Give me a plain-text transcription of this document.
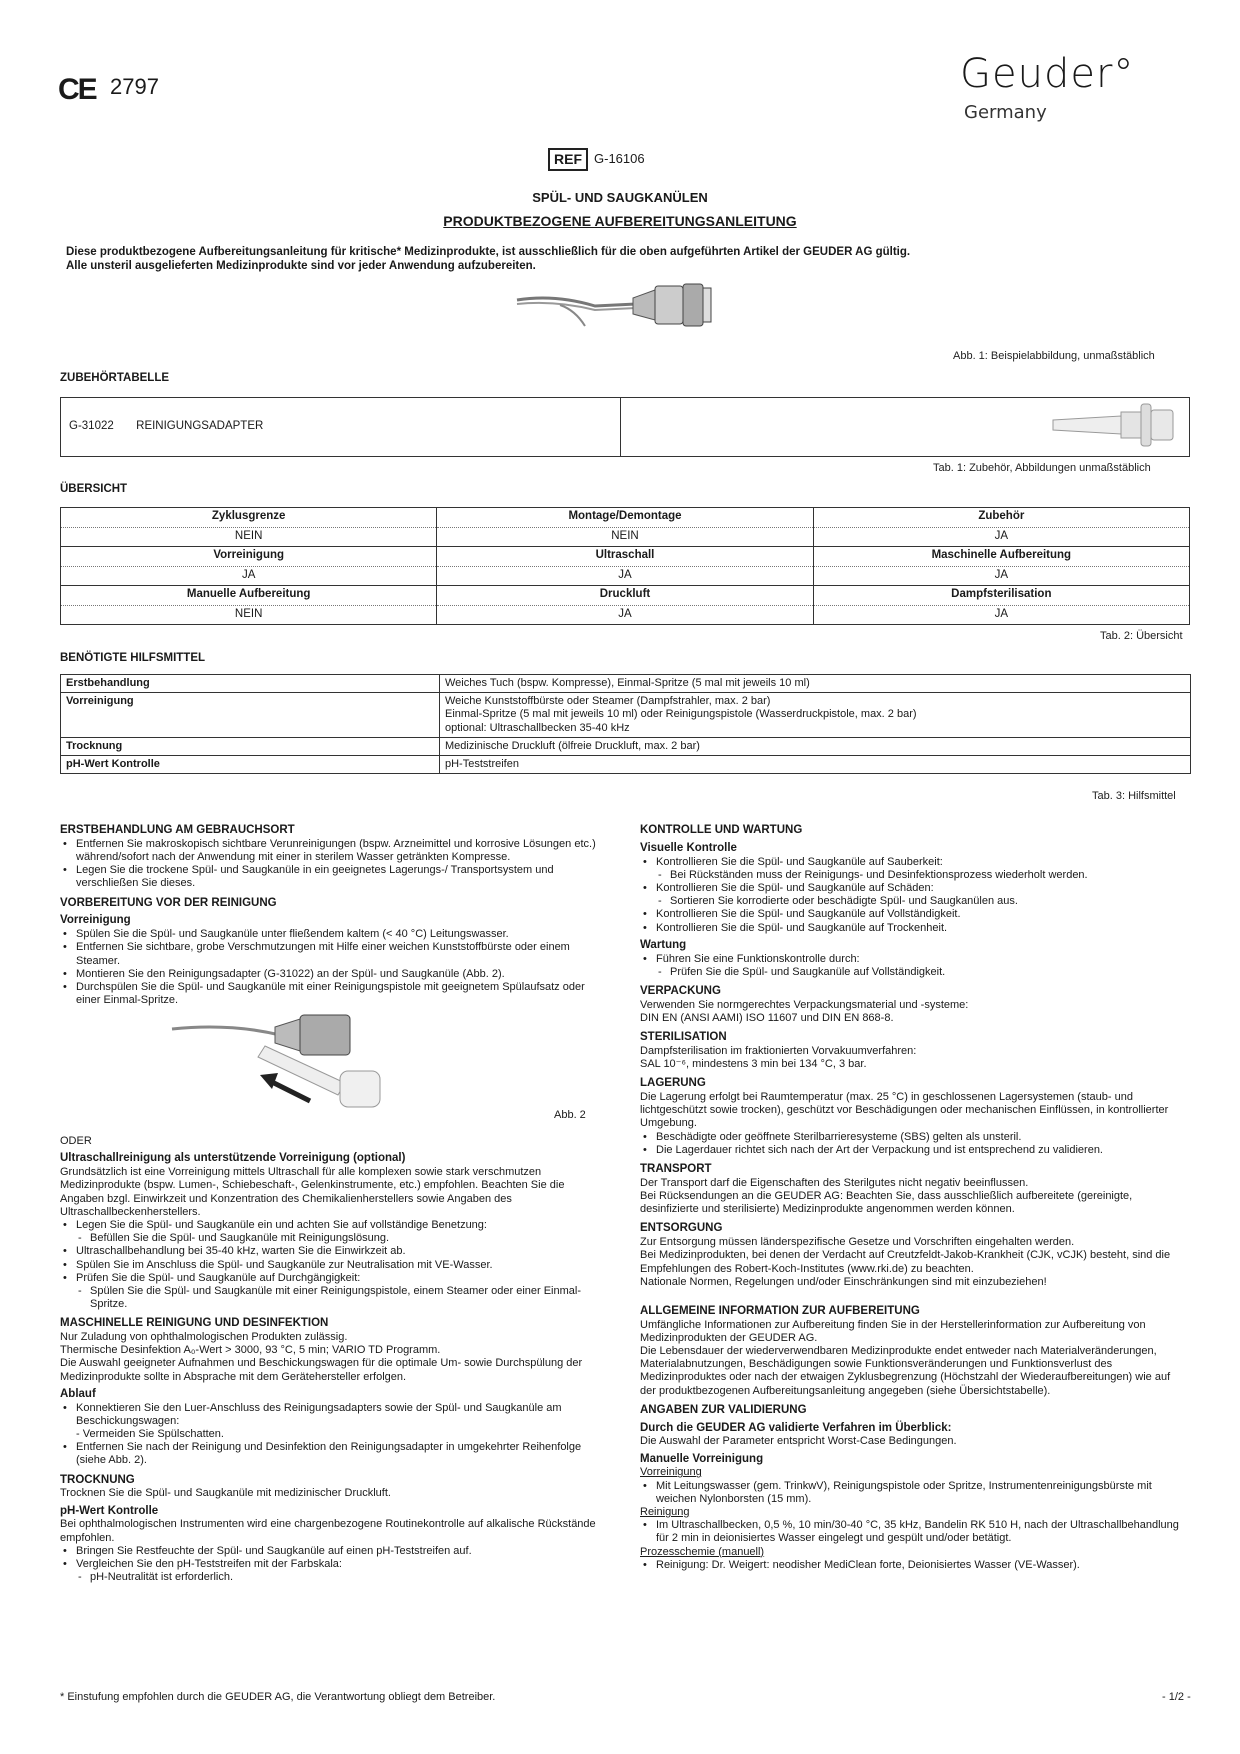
CE 2797	Geuder°
Germany
REF G-16106
SPÜL- UND SAUGKANÜLEN
PRODUKTBEZOGENE AUFBEREITUNGSANLEITUNG
Diese produktbezogene Aufbereitungsanleitung für kritische* Medizinprodukte, ist ausschließlich für die oben aufgeführten Artikel der GEUDER AG gültig.
Alle unsteril ausgelieferten Medizinprodukte sind vor jeder Anwendung aufzubereiten.
Abb. 1: Beispielabbildung, unmaßstäblich
ZUBEHÖRTABELLE
G-31022 REINIGUNGSADAPTER	
Tab. 1: Zubehör, Abbildungen unmaßstäblich
ÜBERSICHT
Zyklusgrenze	Montage/Demontage	Zubehör
NEIN	NEIN	JA
Vorreinigung	Ultraschall	Maschinelle Aufbereitung
JA	JA	JA
Manuelle Aufbereitung	Druckluft	Dampfsterilisation
NEIN	JA	JA
Tab. 2: Übersicht
BENÖTIGTE HILFSMITTEL
Erstbehandlung	Weiches Tuch (bspw. Kompresse), Einmal-Spritze (5 mal mit jeweils 10 ml)
Vorreinigung	Weiche Kunststoffbürste oder Steamer (Dampfstrahler, max. 2 bar)
Einmal-Spritze (5 mal mit jeweils 10 ml) oder Reinigungspistole (Wasserdruckpistole, max. 2 bar)
optional: Ultraschallbecken 35-40 kHz

Trocknung	Medizinische Druckluft (ölfreie Druckluft, max. 2 bar)
pH-Wert Kontrolle	pH-Teststreifen
Tab. 3: Hilfsmittel
ERSTBEHANDLUNG AM GEBRAUCHSORT
• Entfernen Sie makroskopisch sichtbare Verunreinigungen (bspw. Arzneimittel und korrosive Lösungen etc.) während/sofort nach der Anwendung mit einer in sterilem Wasser getränkten Kompresse.
• Legen Sie die trockene Spül- und Saugkanüle in ein geeignetes Lagerungs-/ Transportsystem und verschließen Sie dieses.
VORBEREITUNG VOR DER REINIGUNG
Vorreinigung
• Spülen Sie die Spül- und Saugkanüle unter fließendem kaltem (< 40 °C) Leitungswasser.
• Entfernen Sie sichtbare, grobe Verschmutzungen mit Hilfe einer weichen Kunststoffbürste oder einem Steamer.
• Montieren Sie den Reinigungsadapter (G-31022) an der Spül- und Saugkanüle (Abb. 2).
• Durchspülen Sie die Spül- und Saugkanüle mit einer Reinigungspistole mit geeignetem Spülaufsatz oder einer Einmal-Spritze.
Abb. 2

ODER

Ultraschallreinigung als unterstützende Vorreinigung (optional)

Grundsätzlich ist eine Vorreinigung mittels Ultraschall für alle komplexen sowie stark verschmutzen Medizinprodukte (bspw. Lumen-, Schiebeschaft-, Gelenkinstrumente, etc.) empfohlen. Beachten Sie die Angaben bzgl. Einwirkzeit und Konzentration des Chemikalienherstellers sowie Angaben des Ultraschallbeckenherstellers.

• Legen Sie die Spül- und Saugkanüle ein und achten Sie auf vollständige Benetzung:
- Befüllen Sie die Spül- und Saugkanüle mit Reinigungslösung.
• Ultraschallbehandlung bei 35-40 kHz, warten Sie die Einwirkzeit ab.
• Spülen Sie im Anschluss die Spül- und Saugkanüle zur Neutralisation mit VE-Wasser.
• Prüfen Sie die Spül- und Saugkanüle auf Durchgängigkeit:
- Spülen Sie die Spül- und Saugkanüle mit einer Reinigungspistole, einem Steamer oder einer Einmal-Spritze.
MASCHINELLE REINIGUNG UND DESINFEKTION

Nur Zuladung von ophthalmologischen Produkten zulässig.

Thermische Desinfektion A₀-Wert > 3000, 93 °C, 5 min; VARIO TD Programm.

Die Auswahl geeigneter Aufnahmen und Beschickungswagen für die optimale Um- sowie Durchspülung der Medizinprodukte sollte in Absprache mit dem Gerätehersteller erfolgen.

Ablauf
• Konnektieren Sie den Luer-Anschluss des Reinigungsadapters sowie der Spül- und Saugkanüle am Beschickungswagen:
- Vermeiden Sie Spülschatten.
• Entfernen Sie nach der Reinigung und Desinfektion den Reinigungsadapter in umgekehrter Reihenfolge (siehe Abb. 2).
TROCKNUNG

Trocknen Sie die Spül- und Saugkanüle mit medizinischer Druckluft.

pH-Wert Kontrolle

Bei ophthalmologischen Instrumenten wird eine chargenbezogene Routinekontrolle auf alkalische Rückstände empfohlen.

• Bringen Sie Restfeuchte der Spül- und Saugkanüle auf einen pH-Teststreifen auf.
• Vergleichen Sie den pH-Teststreifen mit der Farbskala:
- pH-Neutralität ist erforderlich.
KONTROLLE UND WARTUNG
Visuelle Kontrolle
• Kontrollieren Sie die Spül- und Saugkanüle auf Sauberkeit:
- Bei Rückständen muss der Reinigungs- und Desinfektionsprozess wiederholt werden.
• Kontrollieren Sie die Spül- und Saugkanüle auf Schäden:
- Sortieren Sie korrodierte oder beschädigte Spül- und Saugkanülen aus.
• Kontrollieren Sie die Spül- und Saugkanüle auf Vollständigkeit.
• Kontrollieren Sie die Spül- und Saugkanüle auf Trockenheit.
Wartung
• Führen Sie eine Funktionskontrolle durch:
- Prüfen Sie die Spül- und Saugkanüle auf Vollständigkeit.
VERPACKUNG

Verwenden Sie normgerechtes Verpackungsmaterial und -systeme:

DIN EN (ANSI AAMI) ISO 11607 und DIN EN 868-8.

STERILISATION

Dampfsterilisation im fraktionierten Vorvakuumverfahren:

SAL 10⁻⁶, mindestens 3 min bei 134 °C, 3 bar.

LAGERUNG

Die Lagerung erfolgt bei Raumtemperatur (max. 25 °C) in geschlossenen Lagersystemen (staub- und lichtgeschützt sowie trocken), geschützt vor Beschädigungen oder mechanischen Einflüssen, in kontrollierter Umgebung.

• Beschädigte oder geöffnete Sterilbarrieresysteme (SBS) gelten als unsteril.
• Die Lagerdauer richtet sich nach der Art der Verpackung und ist entsprechend zu validieren.
TRANSPORT

Der Transport darf die Eigenschaften des Sterilgutes nicht negativ beeinflussen.

Bei Rücksendungen an die GEUDER AG: Beachten Sie, dass ausschließlich aufbereitete (gereinigte, desinfizierte und sterilisierte) Medizinprodukte angenommen werden können.

ENTSORGUNG

Zur Entsorgung müssen länderspezifische Gesetze und Vorschriften eingehalten werden.

Bei Medizinprodukten, bei denen der Verdacht auf Creutzfeldt-Jakob-Krankheit (CJK, vCJK) besteht, sind die Empfehlungen des Robert-Koch-Institutes (www.rki.de) zu beachten.

Nationale Normen, Regelungen und/oder Einschränkungen sind mit einzubeziehen!

ALLGEMEINE INFORMATION ZUR AUFBEREITUNG

Umfängliche Informationen zur Aufbereitung finden Sie in der Herstellerinformation zur Aufbereitung von Medizinprodukten der GEUDER AG.

Die Lebensdauer der wiederverwendbaren Medizinprodukte endet entweder nach Materialveränderungen, Materialabnutzungen, Beschädigungen sowie Funktionsveränderungen und Funktionsverlust des Medizinproduktes oder nach der etwaigen Zyklusbegrenzung (Höchstzahl der Wiederaufbereitungen) wie auf der produktbezogenen Aufbereitungsanleitung angegeben (siehe Übersichtstabelle).

ANGABEN ZUR VALIDIERUNG
Durch die GEUDER AG validierte Verfahren im Überblick:

Die Auswahl der Parameter entspricht Worst-Case Bedingungen.

Manuelle Vorreinigung

Vorreinigung

• Mit Leitungswasser (gem. TrinkwV), Reinigungspistole oder Spritze, Instrumentenreinigungsbürste mit weichen Nylonborsten (15 mm).

Reinigung

• Im Ultraschallbecken, 0,5 %, 10 min/30-40 °C, 35 kHz, Bandelin RK 510 H, nach der Ultraschallbehandlung für 2 min in deionisiertes Wasser eingelegt und gespült und/oder betätigt.

Prozesschemie (manuell)

• Reinigung: Dr. Weigert: neodisher MediClean forte, Deionisiertes Wasser (VE-Wasser).
* Einstufung empfohlen durch die GEUDER AG, die Verantwortung obliegt dem Betreiber.	- 1/2 -
